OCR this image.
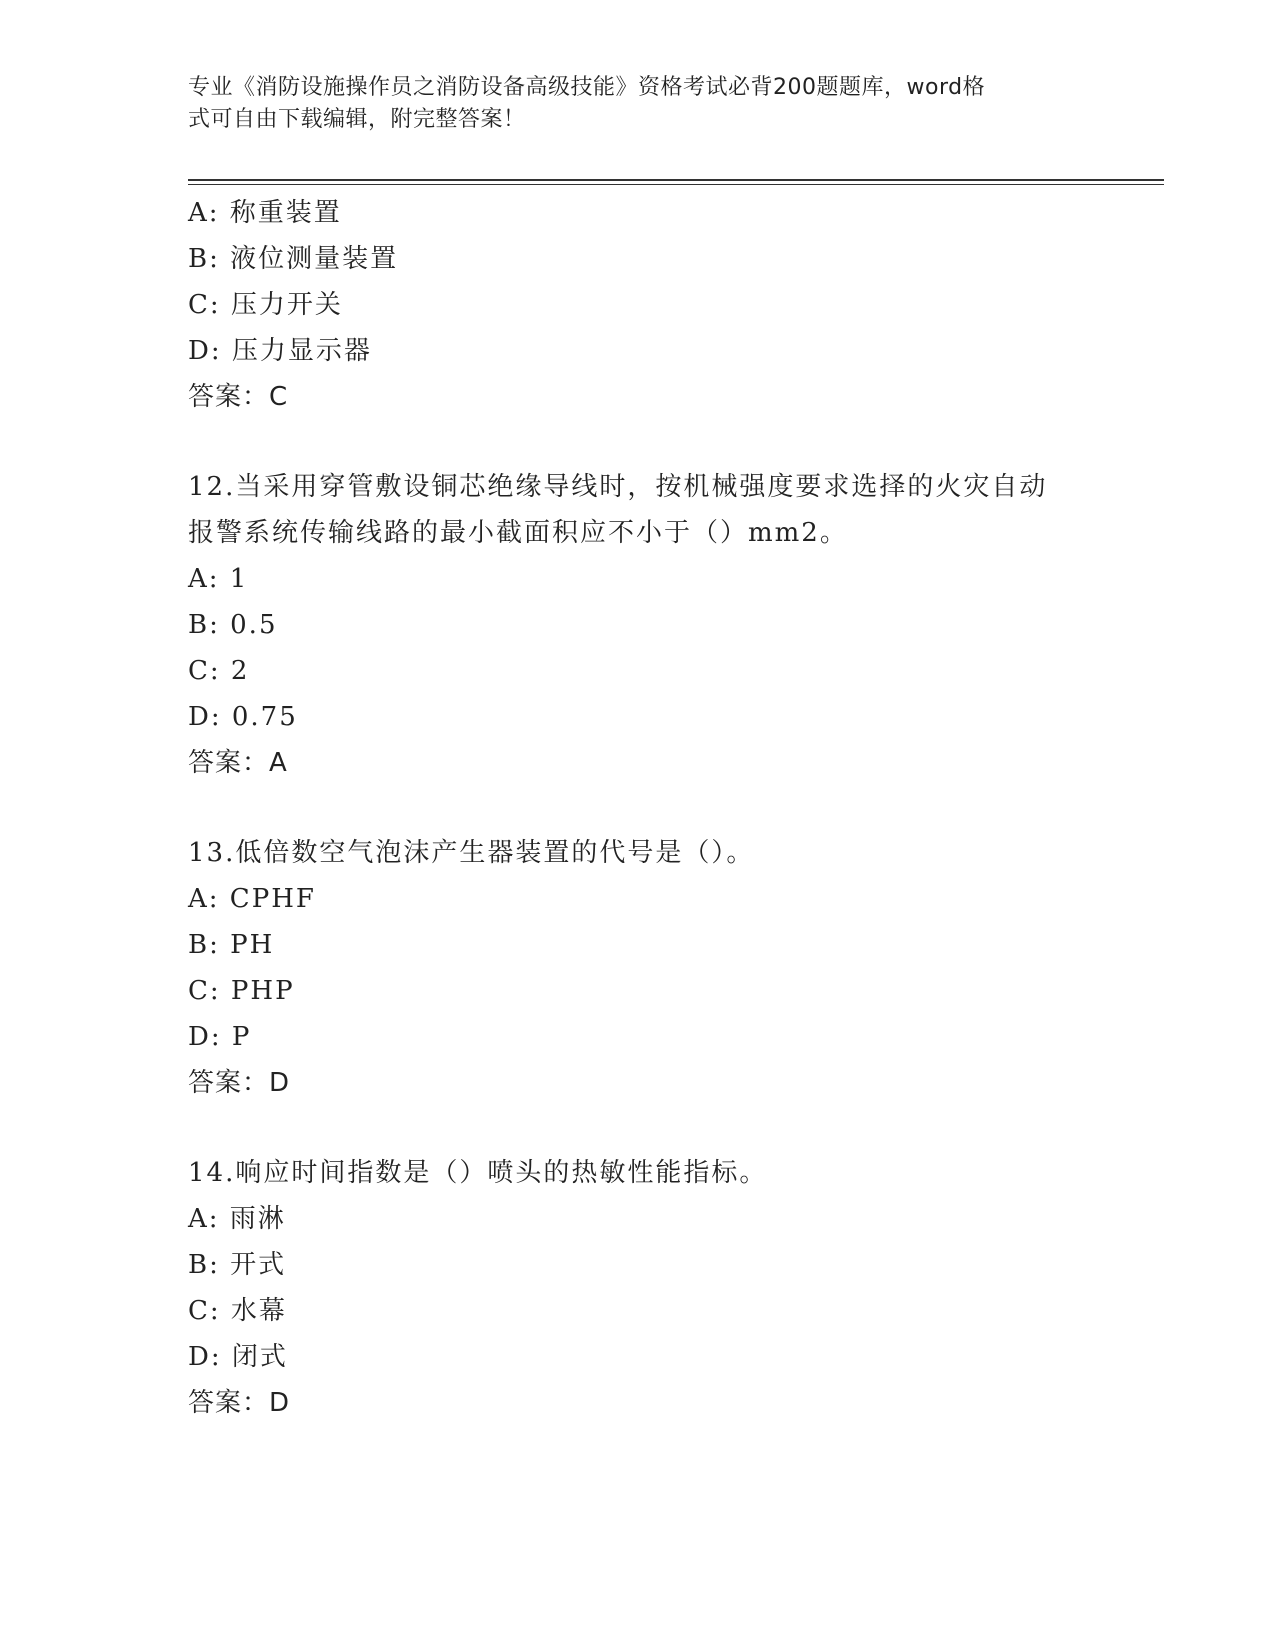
专业《消防设施操作员之消防设备高级技能》资格考试必背200题题库，word格
式可自由下载编辑，附完整答案！
A: 称重装置
B: 液位测量装置
C: 压力开关
D: 压力显示器
答案：C
12.当采用穿管敷设铜芯绝缘导线时，按机械强度要求选择的火灾自动
报警系统传输线路的最小截面积应不小于（）mm2。
A: 1
B: 0.5
C: 2
D: 0.75
答案：A
13.低倍数空气泡沫产生器装置的代号是（）。
A: CPHF
B: PH
C: PHP
D: P
答案：D
14.响应时间指数是（）喷头的热敏性能指标。
A: 雨淋
B: 开式
C: 水幕
D: 闭式
答案：D
